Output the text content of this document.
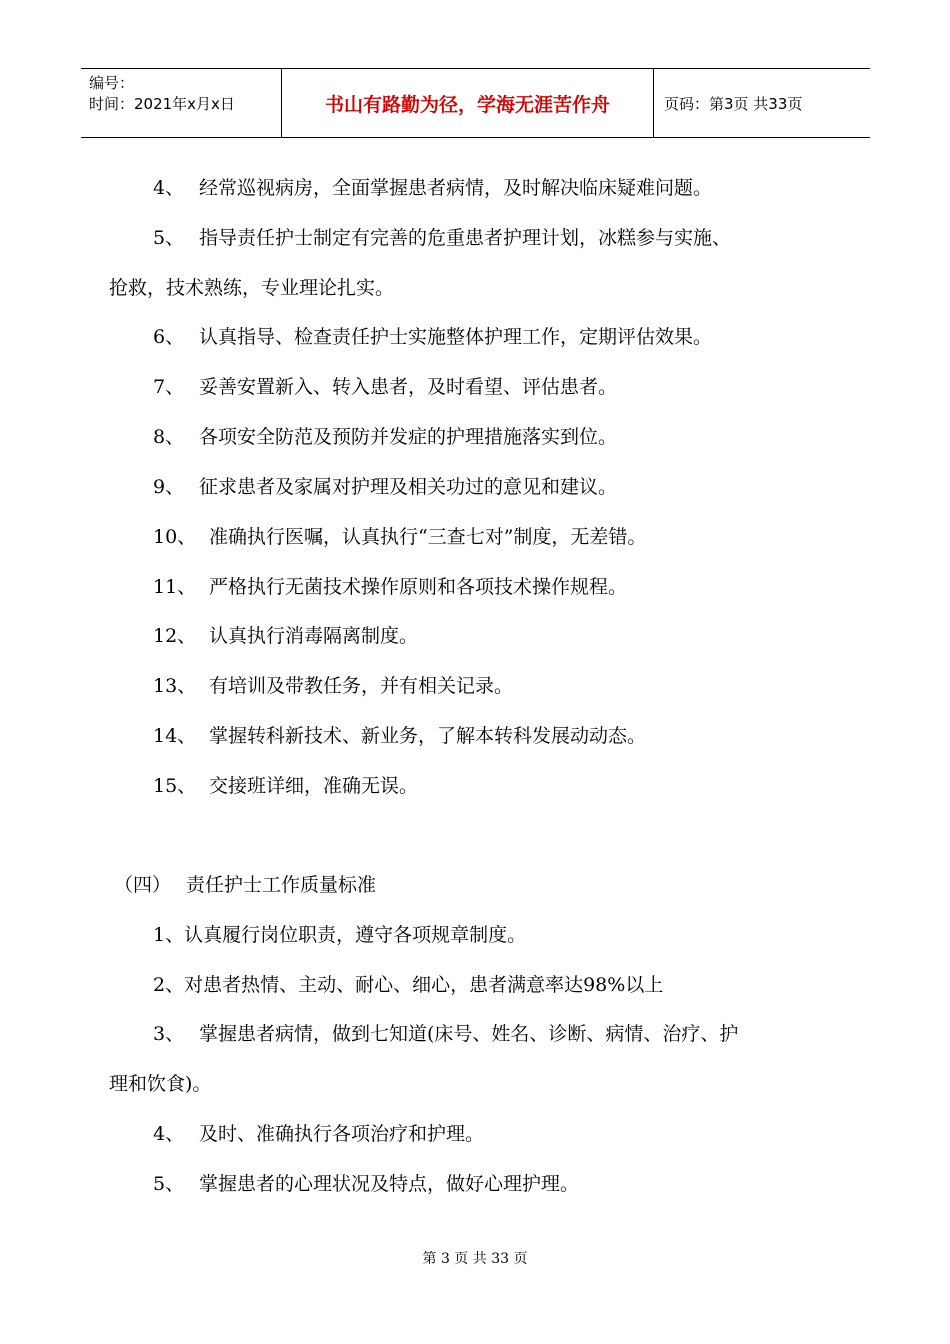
编号：
时间：2021年x月x日	书山有路勤为径，学海无涯苦作舟	页码：第3页 共33页
4、 经常巡视病房，全面掌握患者病情，及时解决临床疑难问题。
5、 指导责任护士制定有完善的危重患者护理计划，冰糕参与实施、
抢救，技术熟练，专业理论扎实。
6、 认真指导、检查责任护士实施整体护理工作，定期评估效果。
7、 妥善安置新入、转入患者，及时看望、评估患者。
8、 各项安全防范及预防并发症的护理措施落实到位。
9、 征求患者及家属对护理及相关功过的意见和建议。
10、 准确执行医嘱，认真执行“三查七对”制度，无差错。
11、 严格执行无菌技术操作原则和各项技术操作规程。
12、 认真执行消毒隔离制度。
13、 有培训及带教任务，并有相关记录。
14、 掌握转科新技术、新业务，了解本转科发展动动态。
15、 交接班详细，准确无误。
（四） 责任护士工作质量标准
1、认真履行岗位职责，遵守各项规章制度。
2、对患者热情、主动、耐心、细心，患者满意率达98%以上
3、 掌握患者病情，做到七知道(床号、姓名、诊断、病情、治疗、护
理和饮食)。
4、 及时、准确执行各项治疗和护理。
5、 掌握患者的心理状况及特点，做好心理护理。
第 3 页 共 33 页
